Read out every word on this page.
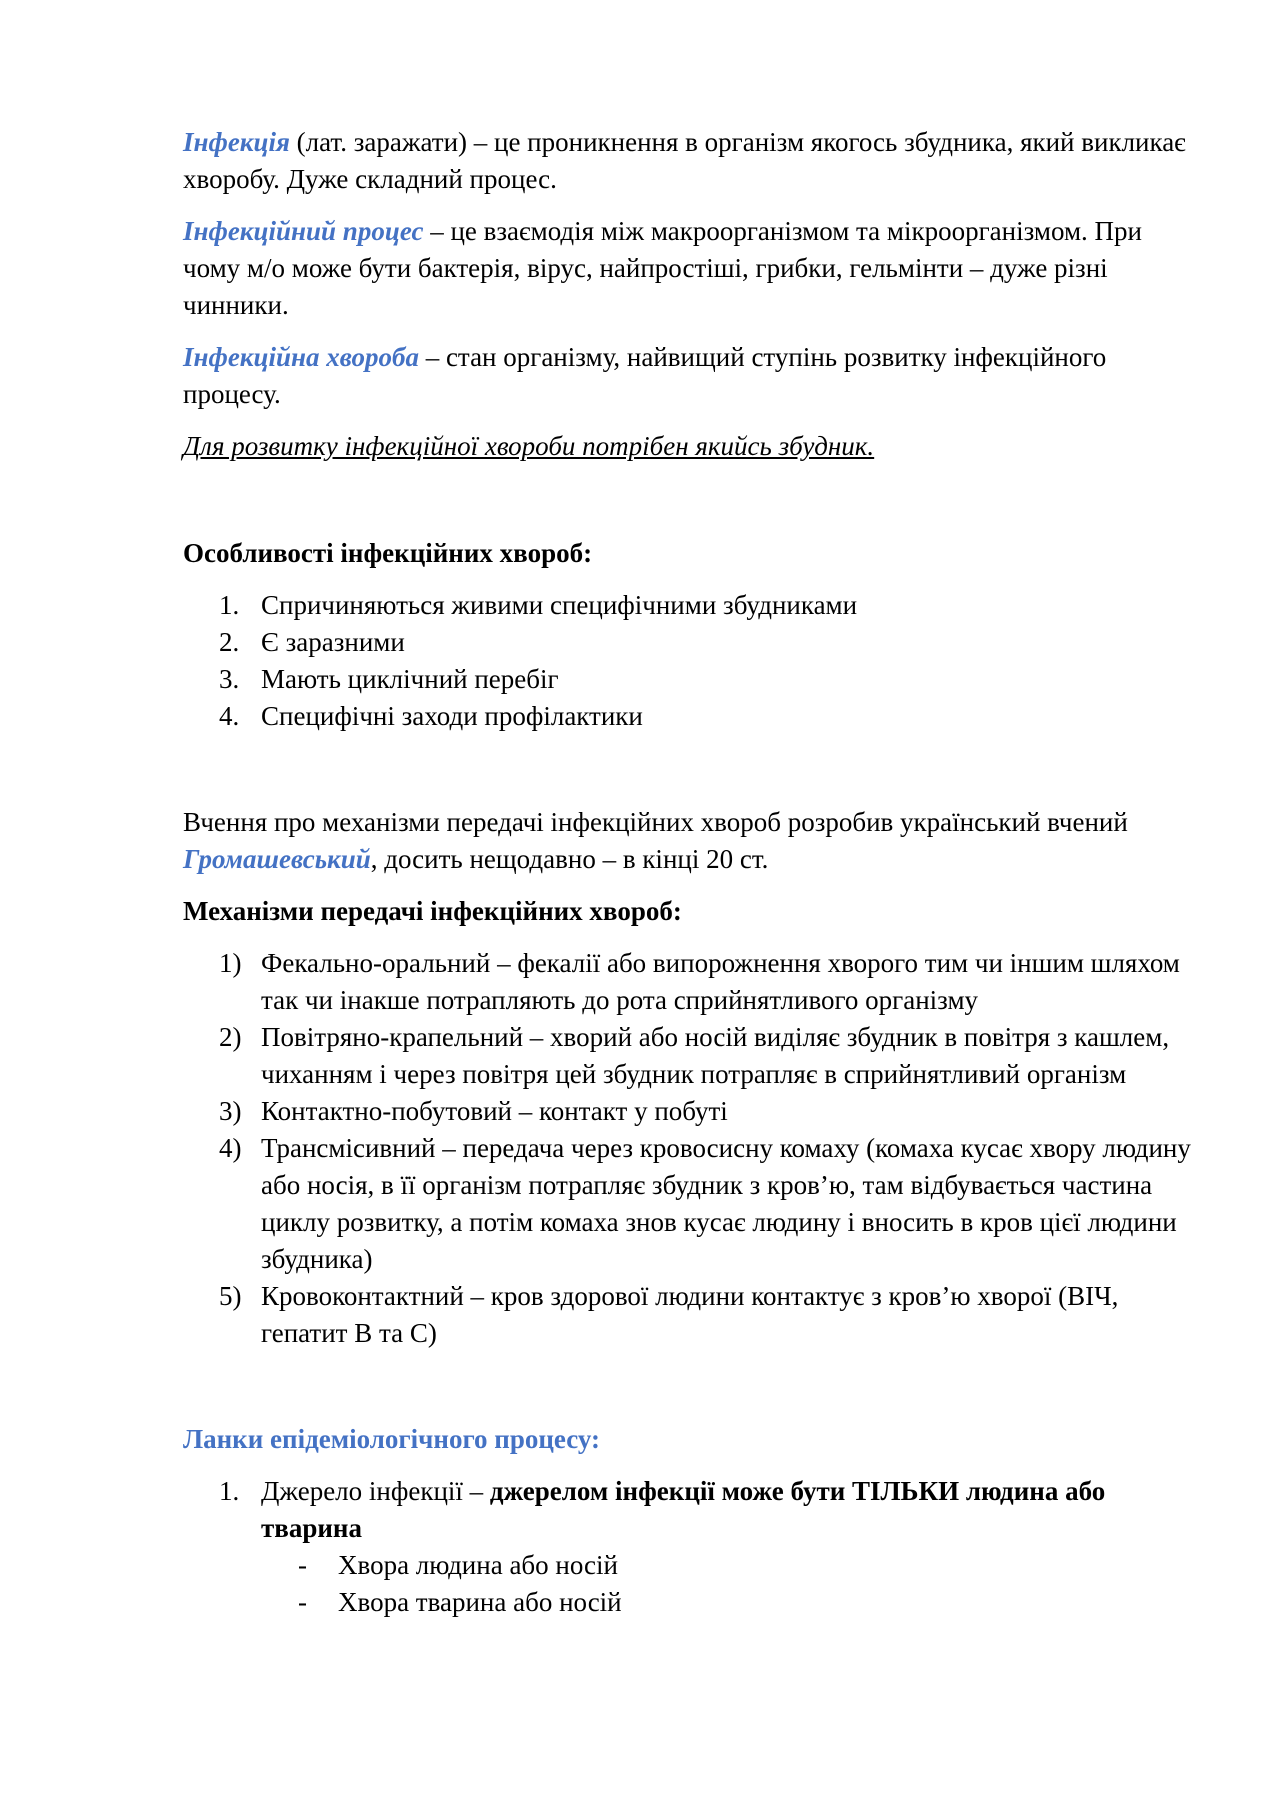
Інфекція (лат. заражати) – це проникнення в організм якогось збудника, який викликає хворобу. Дуже складний процес.

Інфекційний процес – це взаємодія між макроорганізмом та мікроорганізмом. При чому м/о може бути бактерія, вірус, найпростіші, грибки, гельмінти – дуже різні чинники.

Інфекційна хвороба – стан організму, найвищий ступінь розвитку інфекційного процесу.

Для розвитку інфекційної хвороби потрібен якийсь збудник.

Особливості інфекційних хвороб:

1. Спричиняються живими специфічними збудниками
2. Є заразними
3. Мають циклічний перебіг
4. Специфічні заходи профілактики

Вчення про механізми передачі інфекційних хвороб розробив український вчений Громашевський, досить нещодавно – в кінці 20 ст.

Механізми передачі інфекційних хвороб:

1) Фекально-оральний – фекалії або випорожнення хворого тим чи іншим шляхом так чи інакше потрапляють до рота сприйнятливого організму
2) Повітряно-крапельний – хворий або носій виділяє збудник в повітря з кашлем, чиханням і через повітря цей збудник потрапляє в сприйнятливий організм
3) Контактно-побутовий – контакт у побуті
4) Трансмісивний – передача через кровосисну комаху (комаха кусає хвору людину або носія, в її організм потрапляє збудник з кров’ю, там відбувається частина циклу розвитку, а потім комаха знов кусає людину і вносить в кров цієї людини збудника)
5) Кровоконтактний – кров здорової людини контактує з кров’ю хворої (ВІЧ, гепатит В та С)

Ланки епідеміологічного процесу:

1. Джерело інфекції – джерелом інфекції може бути ТІЛЬКИ людина або тварина
- Хвора людина або носій
- Хвора тварина або носій
